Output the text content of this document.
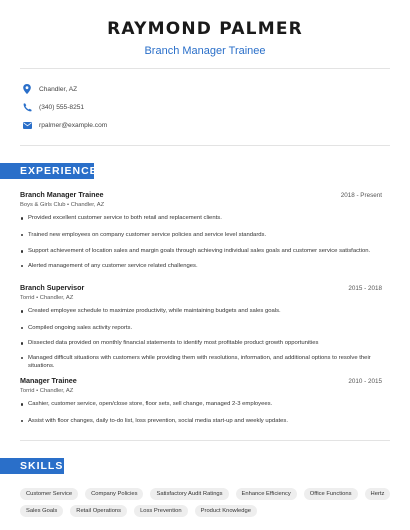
RAYMOND PALMER
Branch Manager Trainee
Chandler, AZ
(340) 555-8251
rpalmer@example.com
EXPERIENCE
Branch Manager Trainee	2018 - Present
Boys & Girls Club • Chandler, AZ
Provided excellent customer service to both retail and replacement clients.
Trained new employees on company customer service policies and service level standards.
Support achievement of location sales and margin goals through achieving individual sales goals and customer service satisfaction.
Alerted management of any customer service related challenges.
Branch Supervisor	2015 - 2018
Torrid • Chandler, AZ
Created employee schedule to maximize productivity, while maintaining budgets and sales goals.
Compiled ongoing sales activity reports.
Dissected data provided on monthly financial statements to identify most profitable product growth opportunities
Managed difficult situations with customers while providing them with resolutions, information, and additional options to resolve their situations.
Manager Trainee	2010 - 2015
Torrid • Chandler, AZ
Cashier, customer service, open/close store, floor sets, sell change, managed 2-3 employees.
Assist with floor changes, daily to-do list, loss prevention, social media start-up and weekly updates.
SKILLS
Customer Service	Company Policies	Satisfactory Audit Ratings	Enhance Efficiency	Office Functions	Hertz
Sales Goals	Retail Operations	Loss Prevention	Product Knowledge
